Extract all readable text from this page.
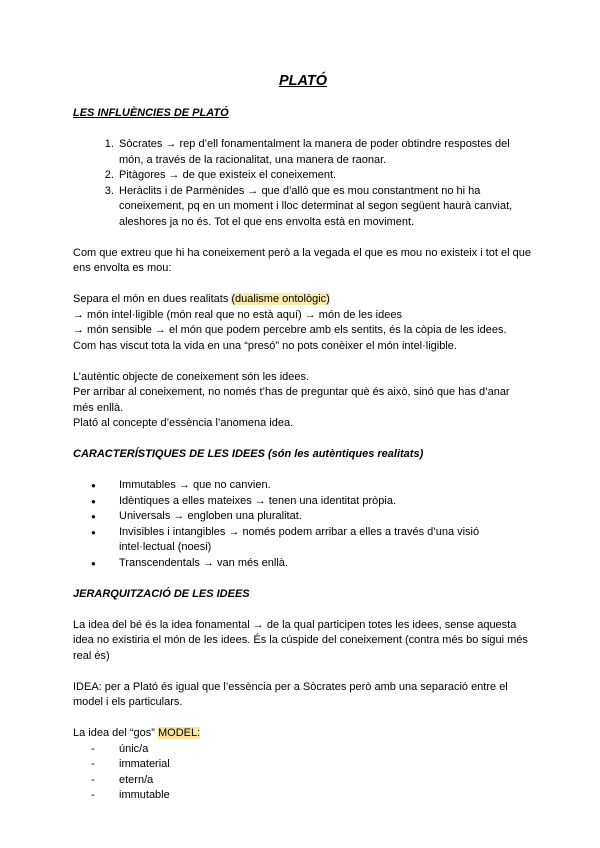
PLATÓ

LES INFLUÈNCIES DE PLATÓ

1. Sòcrates → rep d’ell fonamentalment la manera de poder obtindre respostes del món, a través de la racionalitat, una manera de raonar.
2. Pitàgores → de que existeix el coneixement.
3. Heràclits i de Parmènides → que d’allò que es mou constantment no hi ha coneixement, pq en un moment i lloc determinat al segon següent haurà canviat, aleshores ja no és. Tot el que ens envolta està en moviment.

Com que extreu que hi ha coneixement però a la vegada el que es mou no existeix i tot el que ens envolta es mou:

Separa el món en dues realitats (dualisme ontològic)

→ món intel·ligible (món real que no està aquí) → món de les idees

→ món sensible → el món que podem percebre amb els sentits, és la còpia de les idees.

Com has viscut tota la vida en una “presó” no pots conèixer el món intel·ligible.

L’autèntic objecte de coneixement són les idees.

Per arribar al coneixement, no només t’has de preguntar què és això, sinó que has d’anar més enllà.

Plató al concepte d’essència l’anomena idea.

CARACTERÍSTIQUES DE LES IDEES (són les autèntiques realitats)

● Immutables → que no canvien.
● Idèntiques a elles mateixes → tenen una identitat pròpia.
● Universals → engloben una pluralitat.
● Invisibles i intangibles → només podem arribar a elles a través d’una visió intel·lectual (noesi)
● Transcendentals → van més enllà.

JERARQUITZACIÓ DE LES IDEES

La idea del bé és la idea fonamental → de la qual participen totes les idees, sense aquesta idea no existiria el món de les idees. És la cúspide del coneixement (contra més bo sigui més real és)

IDEA: per a Plató és igual que l’essència per a Sòcrates però amb una separació entre el model i els particulars.

La idea del “gos” MODEL:

- únic/a
- immaterial
- etern/a
- immutable
